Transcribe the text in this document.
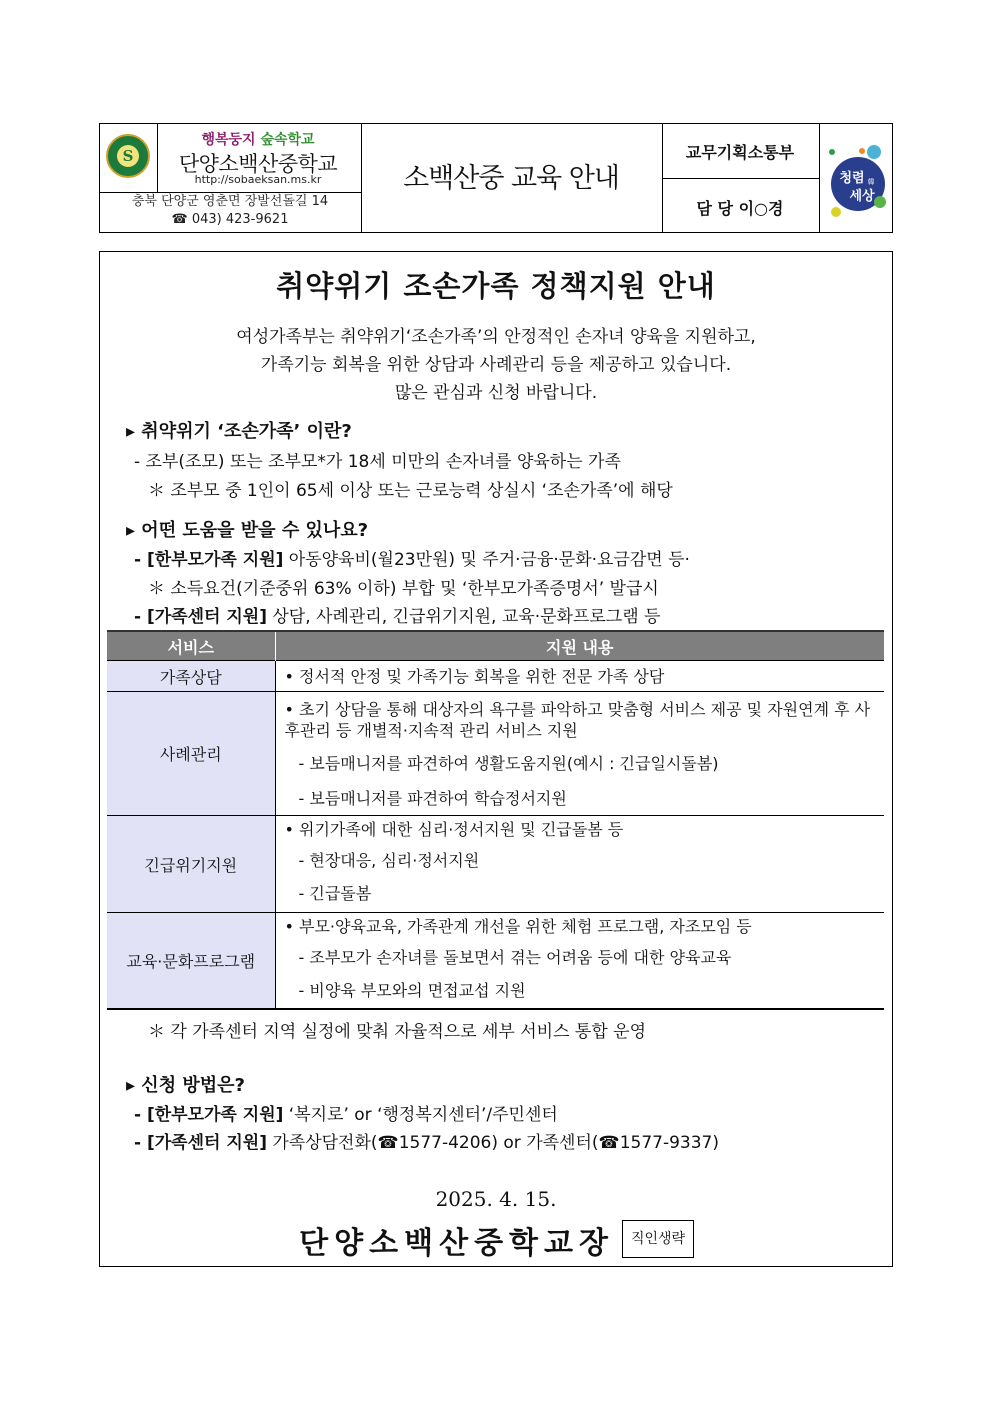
S
행복둥지 숲속학교
단양소백산중학교
http://sobaeksan.ms.kr
충북 단양군 영춘면 장발선돌길 14
☎ 043) 423-9621
소백산중 교육 안내
교무기획소통부
담 당 이○경
청렴 韓
세상
취약위기 조손가족 정책지원 안내
여성가족부는 취약위기‘조손가족’의 안정적인 손자녀 양육을 지원하고,
가족기능 회복을 위한 상담과 사례관리 등을 제공하고 있습니다.
많은 관심과 신청 바랍니다.
▸ 취약위기 ‘조손가족’ 이란?
- 조부(조모) 또는 조부모*가 18세 미만의 손자녀를 양육하는 가족
＊ 조부모 중 1인이 65세 이상 또는 근로능력 상실시 ‘조손가족’에 해당
▸ 어떤 도움을 받을 수 있나요?
- [한부모가족 지원] 아동양육비(월23만원) 및 주거·금융·문화·요금감면 등·
＊ 소득요건(기준중위 63% 이하) 부합 및 ‘한부모가족증명서’ 발급시
- [가족센터 지원] 상담, 사례관리, 긴급위기지원, 교육·문화프로그램 등
서비스	지원 내용
가족상담	• 정서적 안정 및 가족기능 회복을 위한 전문 가족 상담

사례관리	• 초기 상담을 통해 대상자의 욕구를 파악하고 맞춤형 서비스 제공 및 자원연계 후 사후관리 등 개별적·지속적 관리 서비스 지원
- 보듬매니저를 파견하여 생활도움지원(예시 : 긴급일시돌봄)
- 보듬매니저를 파견하여 학습정서지원

긴급위기지원	• 위기가족에 대한 심리·정서지원 및 긴급돌봄 등
- 현장대응, 심리·정서지원
- 긴급돌봄

교육·문화프로그램	• 부모·양육교육, 가족관계 개선을 위한 체험 프로그램, 자조모임 등
- 조부모가 손자녀를 돌보면서 겪는 어려움 등에 대한 양육교육
- 비양육 부모와의 면접교섭 지원
＊ 각 가족센터 지역 실정에 맞춰 자율적으로 세부 서비스 통합 운영
▸ 신청 방법은?
- [한부모가족 지원] ‘복지로’ or ‘행정복지센터’/주민센터
- [가족센터 지원] 가족상담전화(☎1577-4206) or 가족센터(☎1577-9337)
2025. 4. 15.
단양소백산중학교장	직인생략
